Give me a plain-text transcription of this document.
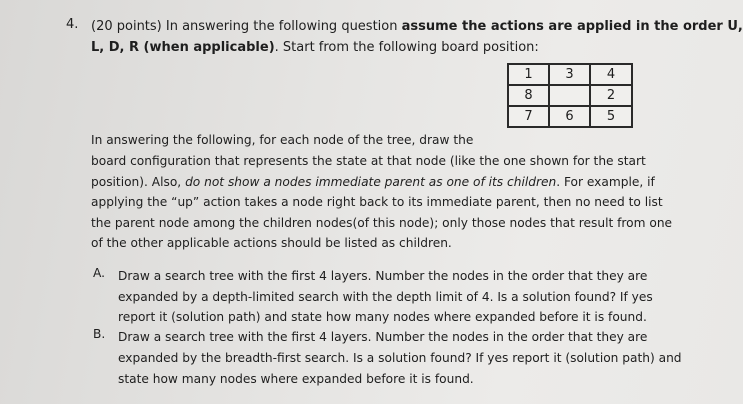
4. (20 points) In answering the following question assume the actions are applied in the order U,
L, D, R (when applicable). Start from the following board position:
1	3	4
8		2
7	6	5
In answering the following, for each node of the tree, draw the
board configuration that represents the state at that node (like the one shown for the start
position). Also, do not show a nodes immediate parent as one of its children. For example, if
applying the “up” action takes a node right back to its immediate parent, then no need to list
the parent node among the children nodes(of this node); only those nodes that result from one
of the other applicable actions should be listed as children.
A. Draw a search tree with the first 4 layers. Number the nodes in the order that they are
expanded by a depth-limited search with the depth limit of 4. Is a solution found? If yes
report it (solution path) and state how many nodes where expanded before it is found.
B. Draw a search tree with the first 4 layers. Number the nodes in the order that they are
expanded by the breadth-first search. Is a solution found? If yes report it (solution path) and
state how many nodes where expanded before it is found.
